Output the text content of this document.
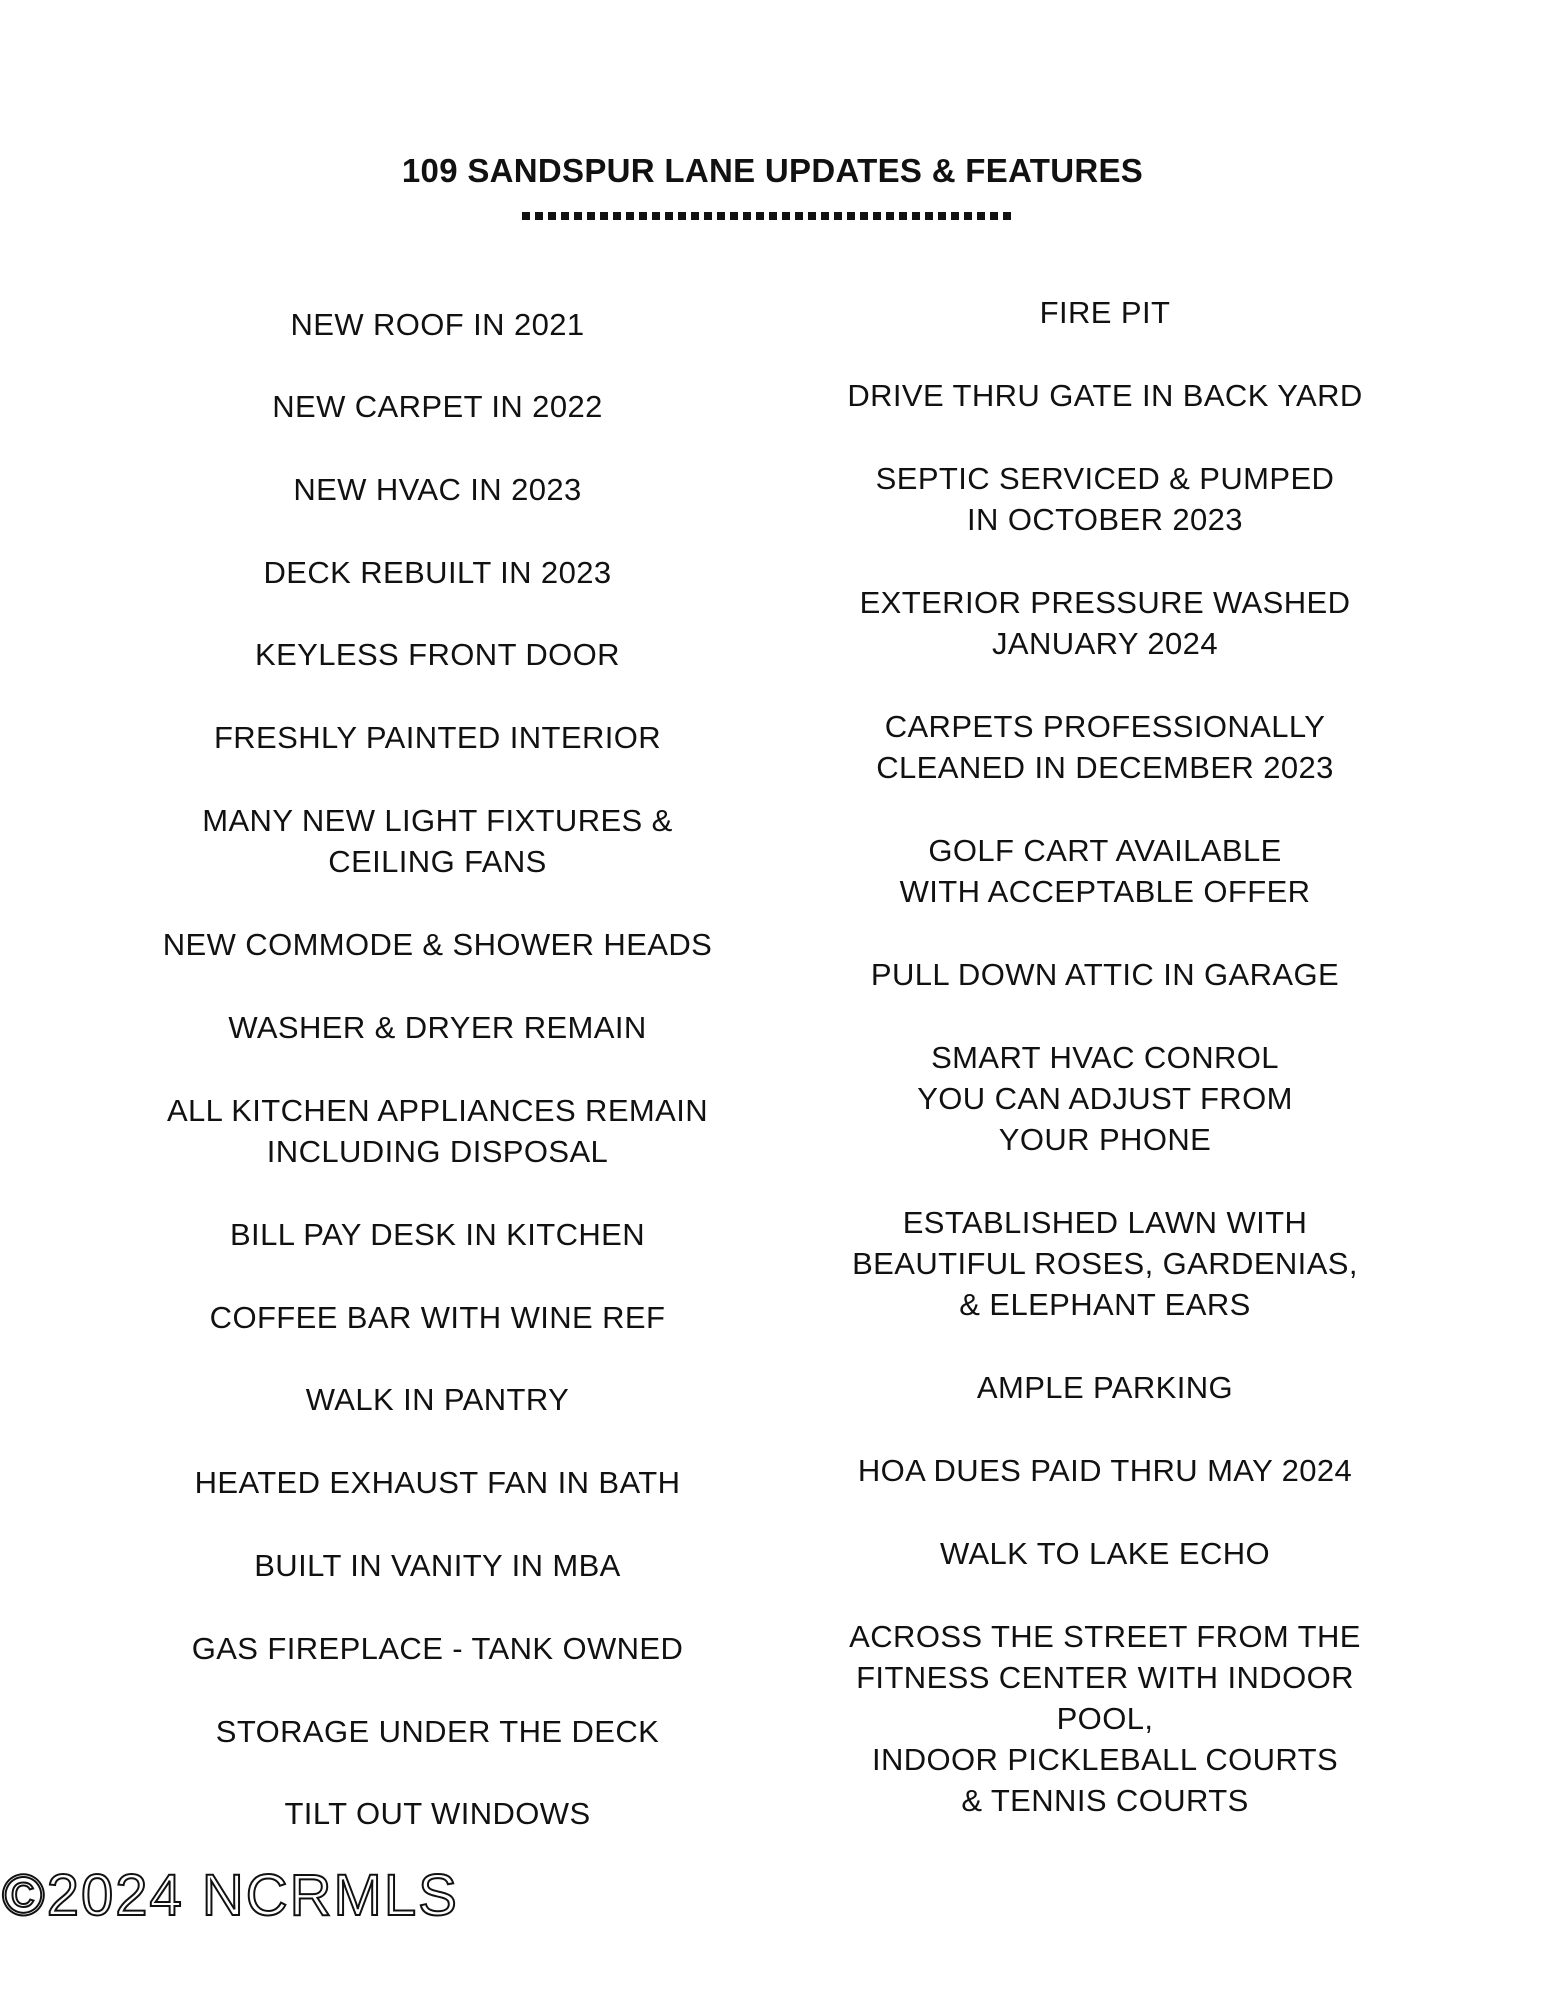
109 SANDSPUR LANE UPDATES & FEATURES
NEW ROOF IN 2021
NEW CARPET IN 2022
NEW HVAC IN 2023
DECK REBUILT IN 2023
KEYLESS FRONT DOOR
FRESHLY PAINTED INTERIOR
MANY NEW LIGHT FIXTURES &
CEILING FANS
NEW COMMODE & SHOWER HEADS
WASHER & DRYER REMAIN
ALL KITCHEN APPLIANCES REMAIN
INCLUDING DISPOSAL
BILL PAY DESK IN KITCHEN
COFFEE BAR WITH WINE REF
WALK IN PANTRY
HEATED EXHAUST FAN IN BATH
BUILT IN VANITY IN MBA
GAS FIREPLACE - TANK OWNED
STORAGE UNDER THE DECK
TILT OUT WINDOWS
FIRE PIT
DRIVE THRU GATE IN BACK YARD
SEPTIC SERVICED & PUMPED
IN OCTOBER 2023
EXTERIOR PRESSURE WASHED
JANUARY 2024
CARPETS PROFESSIONALLY
CLEANED IN DECEMBER 2023
GOLF CART AVAILABLE
WITH ACCEPTABLE OFFER
PULL DOWN ATTIC IN GARAGE
SMART HVAC CONROL
YOU CAN ADJUST FROM
YOUR PHONE
ESTABLISHED LAWN WITH
BEAUTIFUL ROSES, GARDENIAS,
& ELEPHANT EARS
AMPLE PARKING
HOA DUES PAID THRU MAY 2024
WALK TO LAKE ECHO
ACROSS THE STREET FROM THE
FITNESS CENTER WITH INDOOR POOL,
INDOOR PICKLEBALL COURTS
& TENNIS COURTS
©2024 NCRMLS
